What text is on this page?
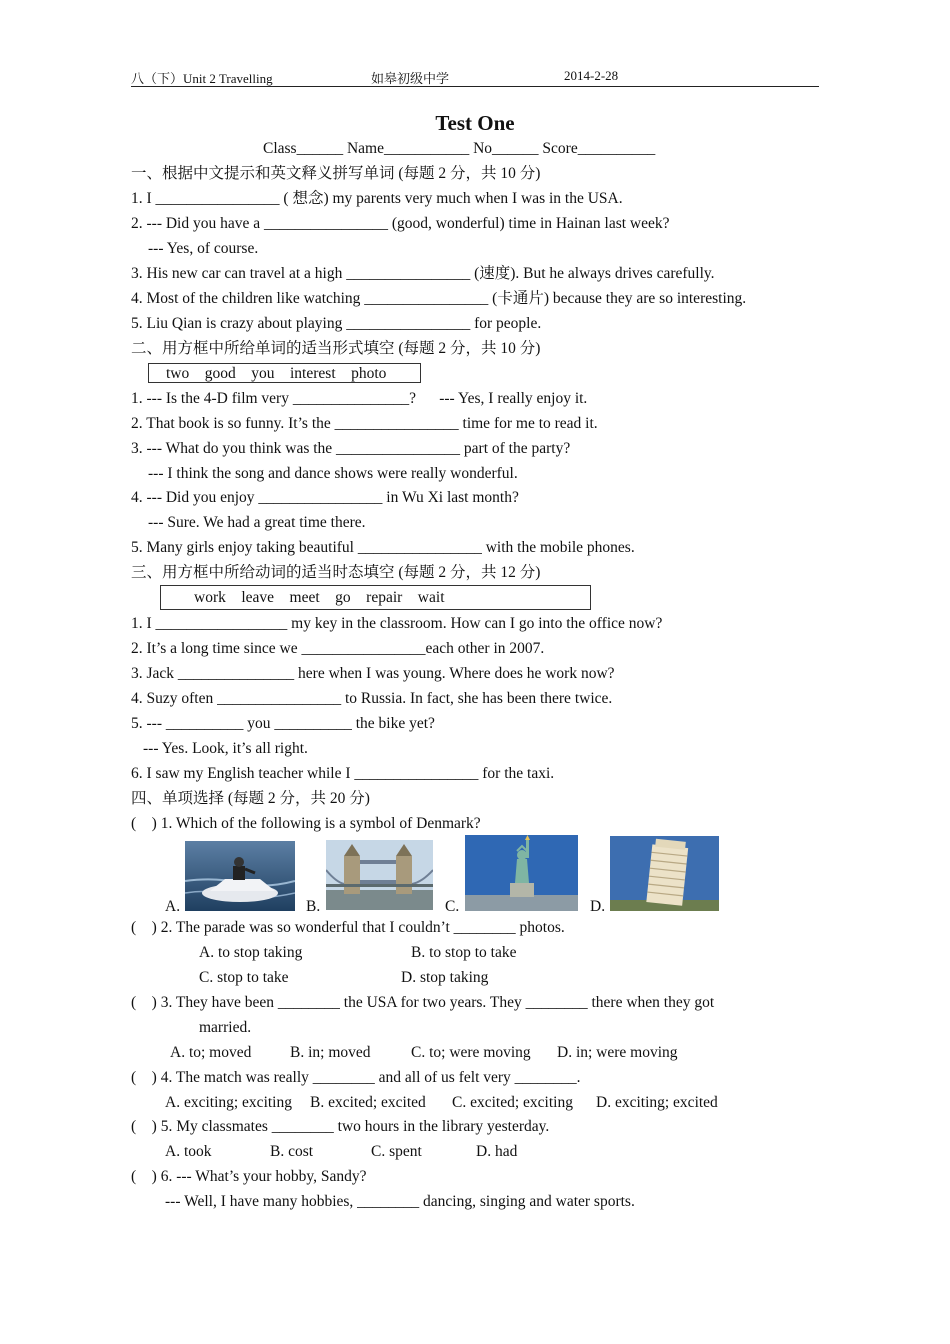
八（下）Unit 2 Travelling	如皋初级中学	2014-2-28
Test One
Class______ Name___________ No______ Score__________
一、根据中文提示和英文释义拼写单词 (每题 2 分，共 10 分)
1. I ________________ ( 想念) my parents very much when I was in the USA.
2. --- Did you have a ________________ (good, wonderful) time in Hainan last week?
--- Yes, of course.
3. His new car can travel at a high ________________ (速度). But he always drives carefully.
4. Most of the children like watching ________________ (卡通片) because they are so interesting.
5. Liu Qian is crazy about playing ________________ for people.
二、用方框中所给单词的适当形式填空 (每题 2 分，共 10 分)
two    good    you    interest    photo
1. --- Is the 4-D film very _______________?      --- Yes, I really enjoy it.
2. That book is so funny. It’s the ________________ time for me to read it.
3. --- What do you think was the ________________ part of the party?
--- I think the song and dance shows were really wonderful.
4. --- Did you enjoy ________________ in Wu Xi last month?
--- Sure. We had a great time there.
5. Many girls enjoy taking beautiful ________________ with the mobile phones.
三、用方框中所给动词的适当时态填空 (每题 2 分，共 12 分)
work    leave    meet    go    repair    wait
1. I _________________ my key in the classroom. How can I go into the office now?
2. It’s a long time since we ________________each other in 2007.
3. Jack _______________ here when I was young. Where does he work now?
4. Suzy often ________________ to Russia. In fact, she has been there twice.
5. --- __________ you __________ the bike yet?
--- Yes. Look, it’s all right.
6. I saw my English teacher while I ________________ for the taxi.
四、单项选择 (每题 2 分，共 20 分)
(    ) 1. Which of the following is a symbol of Denmark?
A.	B.	C.	D.
(    ) 2. The parade was so wonderful that I couldn’t ________ photos.
A. to stop taking	B. to stop to take
C. stop to take	D. stop taking
(    ) 3. They have been ________ the USA for two years. They ________ there when they got
married.
A. to; moved B. in; moved	C. to; were moving D. in; were moving
(    ) 4. The match was really ________ and all of us felt very ________.
A. exciting; exciting B. excited; excited C. excited; exciting D. exciting; excited
(    ) 5. My classmates ________ two hours in the library yesterday.
A. took	B. cost	C. spent	D. had
(    ) 6. --- What’s your hobby, Sandy?
--- Well, I have many hobbies, ________ dancing, singing and water sports.
